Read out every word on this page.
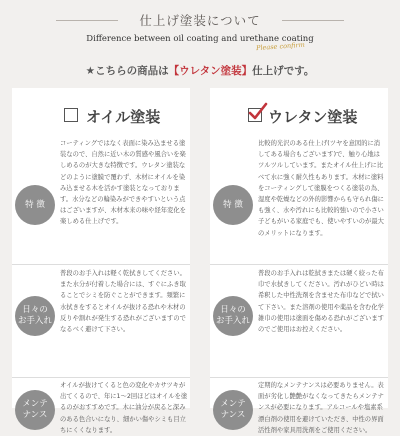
仕上げ塗装について
Difference between oil coating and urethane coating
Please confirm
★こちらの商品は【ウレタン塗装】仕上げです。
オイル塗装
特 徴
コーティングではなく表面に染み込ませる塗装なので、自然に近い木の質感や風合いを楽しめるのが大きな特徴です。ウレタン塗装などのように塗膜で覆わず、木材にオイルを染み込ませる木を活かす塗装となっております。水分などの輪染みができやすいという点はございますが、木材本来の味や経年変化を楽しめる仕上げです。
日々の
お手入れ
普段のお手入れは軽く乾拭きしてください。 また水分が付着した場合には、すぐにふき取ることでシミを防ぐことができます。頻繁に水拭きをするとオイルが抜ける恐れや木材の反りや割れが発生する恐れがございますのでなるべく避けて下さい。
メンテ
ナンス
オイルが抜けてくると色の変化やカサツキが出てくるので、年に1〜2回ほどはオイルを塗るのがおすすめです。木に油分が戻ると深みのある色合いになり、細かい傷やシミも目立ちにくくなります。
ウレタン塗装
特 徴
比較的光沢のある仕上げ(ツヤを意図的に消してある場合もございます)で、触り心地はツルツルしています。またオイル仕上げに比べて水に強く耐久性もあります。木材に塗料をコーティングして塗膜をつくる塗装の為、湿度や乾燥などの外的影響からも守られ傷にも強く、水や汚れにも比較的強いので小さい子どもがいる家庭でも、使いやすいのが最大のメリットになります。
日々の
お手入れ
普段のお手入れは乾拭きまたは硬く絞った布巾で水拭きしてください。汚れがひどい時は希釈した中性洗剤を含ませた布巾などで拭いて下さい。また溶剤の使用や薬品を含む化学雑巾の使用は塗面を傷める恐れがございますのでご使用はお控えください。
メンテ
ナンス
定期的なメンテナンスは必要ありません。表面が劣化し艶艶がなくなってきたらメンテナンスが必要になります。アルコールや塩素系漂白剤の使用を避けていただき、中性の界面活性剤や家具用洗剤をご使用ください。
